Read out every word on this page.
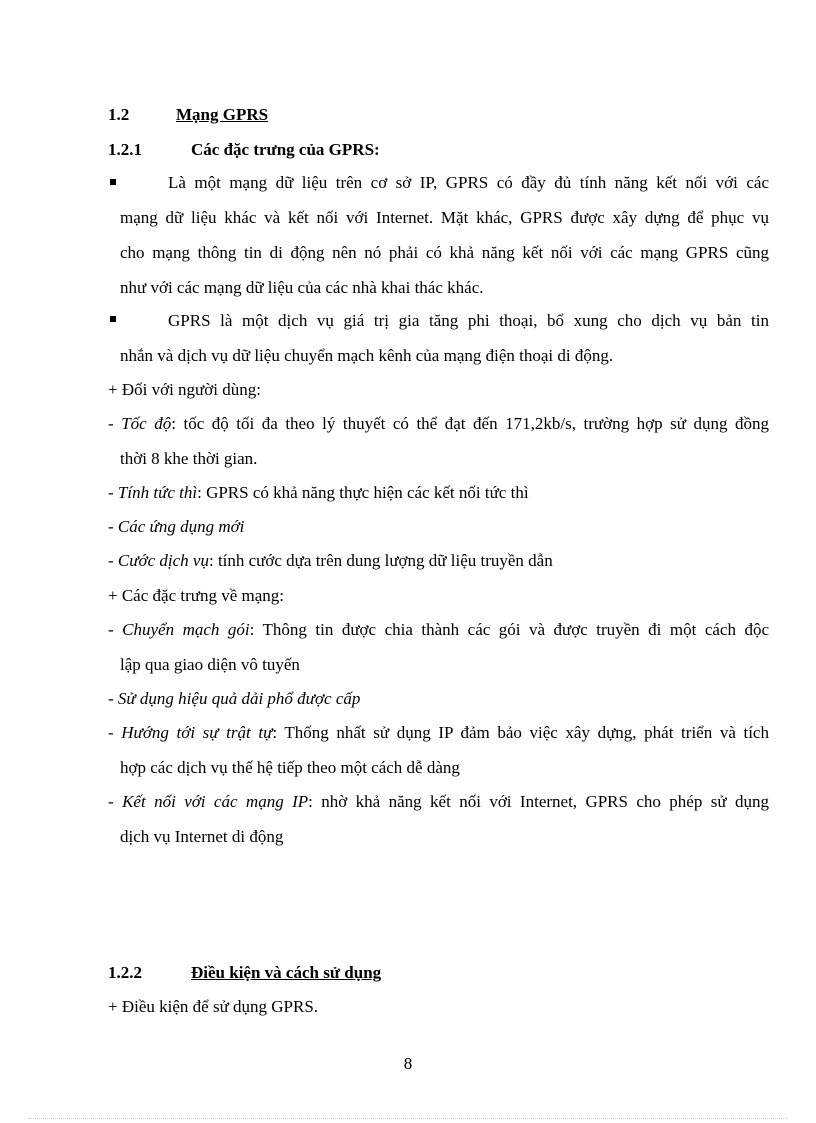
1.2	Mạng GPRS
1.2.1	Các đặc trưng của GPRS:
Là một mạng dữ liệu trên cơ sở IP, GPRS có đầy đủ tính năng kết nối với các
mạng dữ liệu khác và kết nối với Internet. Mặt khác, GPRS được xây dựng để phục vụ
cho mạng thông tin di động nên nó phải có khả năng kết nối với các mạng GPRS cũng
như với các mạng dữ liệu của các nhà khai thác khác.
GPRS là một dịch vụ giá trị gia tăng phi thoại, bổ xung cho dịch vụ bản tin
nhắn và dịch vụ dữ liệu chuyển mạch kênh của mạng điện thoại di động.
+ Đối với người dùng:
- Tốc độ: tốc độ tối đa theo lý thuyết có thể đạt đến 171,2kb/s, trường hợp sử dụng đồng
thời 8 khe thời gian.
- Tính tức thì: GPRS có khả năng thực hiện các kết nối tức thì
- Các ứng dụng mới
- Cước dịch vụ: tính cước dựa trên dung lượng dữ liệu truyền dẫn
+ Các đặc trưng về mạng:
- Chuyển mạch gói: Thông tin được chia thành các gói và được truyền đi một cách độc
lập qua giao diện vô tuyến
- Sử dụng hiệu quả dải phổ được cấp
- Hướng tới sự trật tự: Thống nhất sử dụng IP đảm bảo việc xây dựng, phát triển và tích
hợp các dịch vụ thế hệ tiếp theo một cách dễ dàng
- Kết nối với các mạng IP: nhờ khả năng kết nối với Internet, GPRS cho phép sử dụng
dịch vụ Internet di động
1.2.2	Điều kiện và cách sử dụng
+ Điều kiện để sử dụng GPRS.
8
